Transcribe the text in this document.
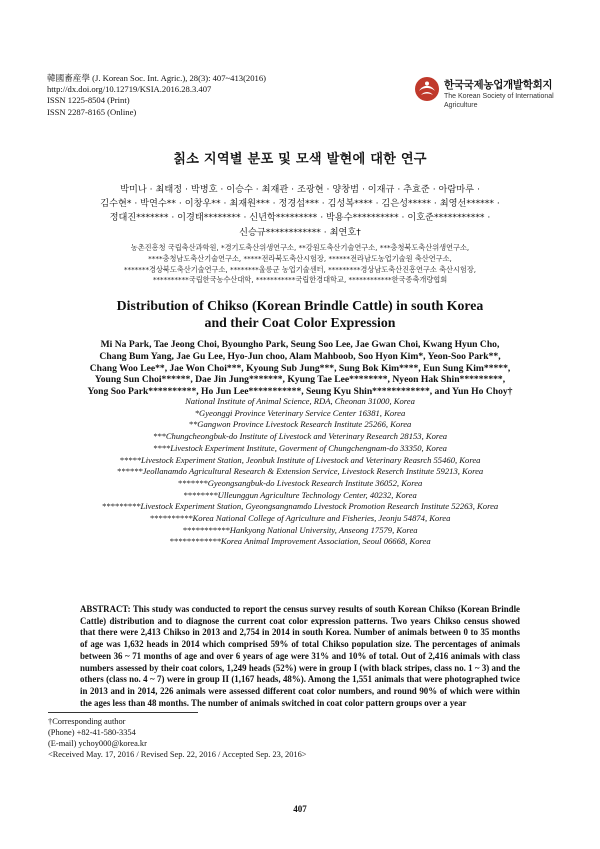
韓國畜産學 (J. Korean Soc. Int. Agric.), 28(3): 407~413(2016)
http://dx.doi.org/10.12719/KSIA.2016.28.3.407
ISSN 1225-8504 (Print)
ISSN 2287-8165 (Online)
한국국제농업개발학회지
The Korean Society of International Agriculture
칡소 지역별 분포 및 모색 발현에 대한 연구
박미나 · 최태정 · 박병호 · 이승수 · 최재관 · 조광현 · 양창범 · 이재규 · 추효준 · 아람마루 ·
김수현* · 박연수** · 이창우** · 최재원*** · 정경섭*** · 김성복**** · 김은성***** · 최영선****** ·
정대진******* · 이경태******** · 신년학********* · 박용수********** · 이호준*********** ·
신승규************ · 최연호†
농촌진흥청 국립축산과학원, *경기도축산위생연구소, **강원도축산기술연구소, ***충청북도축산위생연구소,
****충청남도축산기술연구소, *****전라북도축산시험장, ******전라남도농업기술원 축산연구소,
*******경상북도축산기술연구소, ********울릉군 농업기술센터, *********경상남도축산진흥연구소 축산시험장,
**********국립한국농수산대학, ***********국립한경대학교, ************한국종축개량협회
Distribution of Chikso (Korean Brindle Cattle) in south Korea
and their Coat Color Expression
Mi Na Park, Tae Jeong Choi, Byoungho Park, Seung Soo Lee, Jae Gwan Choi, Kwang Hyun Cho,
Chang Bum Yang, Jae Gu Lee, Hyo-Jun choo, Alam Mahboob, Soo Hyon Kim*, Yeon-Soo Park**,
Chang Woo Lee**, Jae Won Choi***, Kyoung Sub Jung***, Sung Bok Kim****, Eun Sung Kim*****,
Young Sun Choi******, Dae Jin Jung*******, Kyung Tae Lee********, Nyeon Hak Shin*********,
Yong Soo Park**********, Ho Jun Lee***********, Seung Kyu Shin************, and Yun Ho Choy†
National Institute of Animal Science, RDA, Cheonan 31000, Korea
*Gyeonggi Province Veterinary Service Center 16381, Korea
**Gangwon Province Livestock Research Institute 25266, Korea
***Chungcheongbuk-do Institute of Livestock and Veterinary Research 28153, Korea
****Livestock Experiment Institute, Goverment of Chungchengnam-do 33350, Korea
*****Livestock Experiment Station, Jeonbuk Institute of Livestock and Veterinary Reasrch 55460, Korea
******Jeollanamdo Agricultural Research & Extension Service, Livestock Reserch Institute 59213, Korea
*******Gyeongsangbuk-do Livestock Research Institute 36052, Korea
********Ulleunggun Agriculture Technology Center, 40232, Korea
*********Livestock Experiment Station, Gyeongsangnamdo Livestock Promotion Research Institute 52263, Korea
**********Korea National College of Agriculture and Fisheries, Jeonju 54874, Korea
***********Hankyong National University, Anseong 17579, Korea
************Korea Animal Improvement Association, Seoul 06668, Korea
ABSTRACT: This study was conducted to report the census survey results of south Korean Chikso (Korean Brindle Cattle) distribution and to diagnose the current coat color expression patterns. Two years Chikso census showed that there were 2,413 Chikso in 2013 and 2,754 in 2014 in south Korea. Number of animals between 0 to 35 months of age was 1,632 heads in 2014 which comprised 59% of total Chikso population size. The percentages of animals between 36 ~ 71 months of age and over 6 years of age were 31% and 10% of total. Out of 2,416 animals with class numbers assessed by their coat colors, 1,249 heads (52%) were in group I (with black stripes, class no. 1 ~ 3) and the others (class no. 4 ~ 7) were in group II (1,167 heads, 48%). Among the 1,551 animals that were photographed twice in 2013 and in 2014, 226 animals were assessed different coat color numbers, and round 90% of which were within the ages less than 48 months. The number of animals switched in coat color pattern groups over a year
†Corresponding author
(Phone) +82-41-580-3354
(E-mail) ychoy000@korea.kr
<Received May. 17, 2016 / Revised Sep. 22, 2016 / Accepted Sep. 23, 2016>
407
